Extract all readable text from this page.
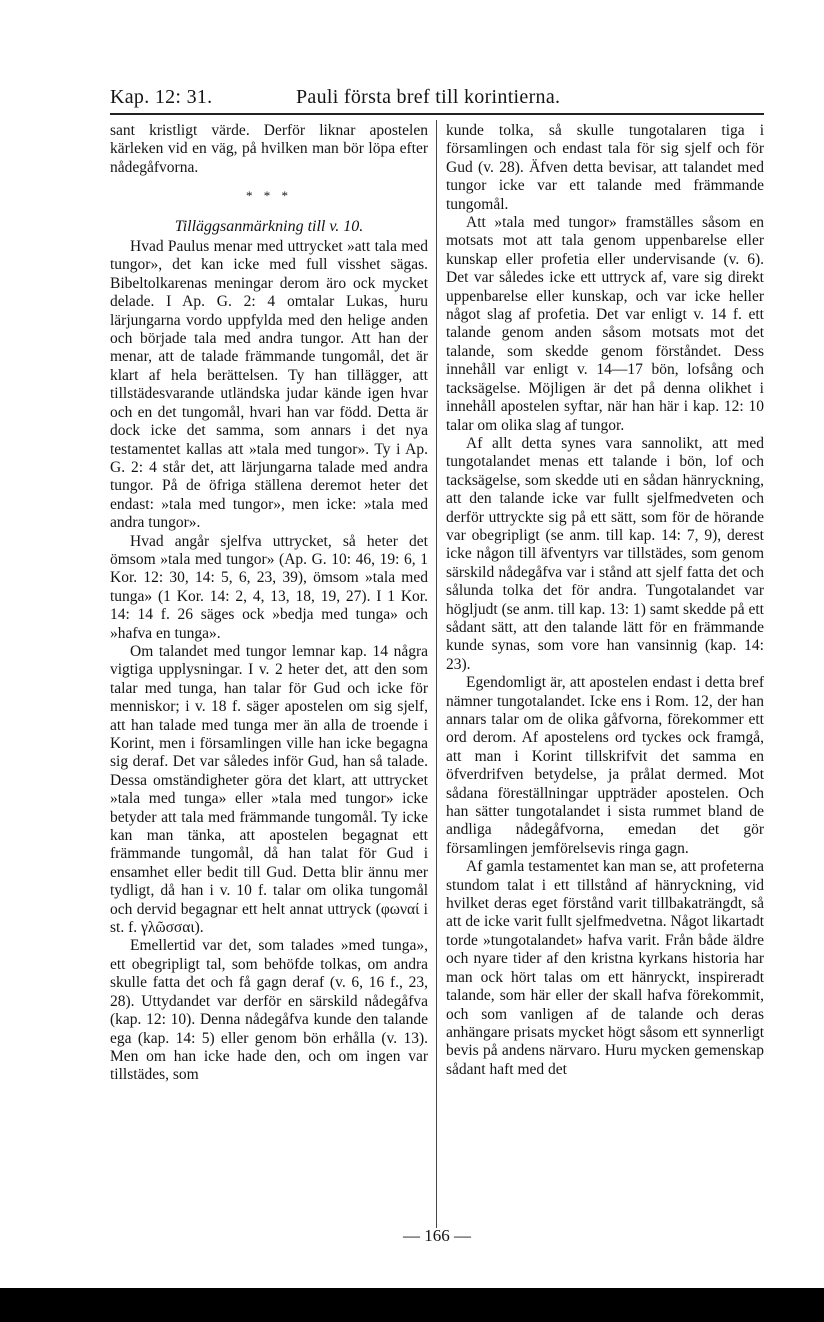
Kap. 12: 31.	Pauli första bref till korintierna.

sant kristligt värde. Derför liknar apostelen kärleken vid en väg, på hvilken man bör löpa efter nådegåfvorna.

* * *
Tilläggsanmärkning till v. 10.

Hvad Paulus menar med uttrycket »att tala med tungor», det kan icke med full visshet sägas. Bibeltolkarenas meningar derom äro ock mycket delade. I Ap. G. 2: 4 omtalar Lukas, huru lärjungarna vordo uppfylda med den helige anden och började tala med andra tungor. Att han der menar, att de talade främmande tungomål, det är klart af hela berättelsen. Ty han tillägger, att tillstädesvarande utländska judar kände igen hvar och en det tungomål, hvari han var född. Detta är dock icke det samma, som annars i det nya testamentet kallas att »tala med tungor». Ty i Ap. G. 2: 4 står det, att lärjungarna talade med andra tungor. På de öfriga ställena deremot heter det endast: »tala med tungor», men icke: »tala med andra tungor».

Hvad angår sjelfva uttrycket, så heter det ömsom »tala med tungor» (Ap. G. 10: 46, 19: 6, 1 Kor. 12: 30, 14: 5, 6, 23, 39), ömsom »tala med tunga» (1 Kor. 14: 2, 4, 13, 18, 19, 27). I 1 Kor. 14: 14 f. 26 säges ock »bedja med tunga» och »hafva en tunga».

Om talandet med tungor lemnar kap. 14 några vigtiga upplysningar. I v. 2 heter det, att den som talar med tunga, han talar för Gud och icke för menniskor; i v. 18 f. säger apostelen om sig sjelf, att han talade med tunga mer än alla de troende i Korint, men i församlingen ville han icke begagna sig deraf. Det var således inför Gud, han så talade. Dessa omständigheter göra det klart, att uttrycket »tala med tunga» eller »tala med tungor» icke betyder att tala med främmande tungomål. Ty icke kan man tänka, att apostelen begagnat ett främmande tungomål, då han talat för Gud i ensamhet eller bedit till Gud. Detta blir ännu mer tydligt, då han i v. 10 f. talar om olika tungomål och dervid begagnar ett helt annat uttryck (φωναί i st. f. γλῶσσαι).

Emellertid var det, som talades »med tunga», ett obegripligt tal, som behöfde tolkas, om andra skulle fatta det och få gagn deraf (v. 6, 16 f., 23, 28). Uttydandet var derför en särskild nådegåfva (kap. 12: 10). Denna nådegåfva kunde den talande ega (kap. 14: 5) eller genom bön erhålla (v. 13). Men om han icke hade den, och om ingen var tillstädes, som

kunde tolka, så skulle tungotalaren tiga i församlingen och endast tala för sig sjelf och för Gud (v. 28). Äfven detta bevisar, att talandet med tungor icke var ett talande med främmande tungomål.

Att »tala med tungor» framställes såsom en motsats mot att tala genom uppenbarelse eller kunskap eller profetia eller undervisande (v. 6). Det var således icke ett uttryck af, vare sig direkt uppenbarelse eller kunskap, och var icke heller något slag af profetia. Det var enligt v. 14 f. ett talande genom anden såsom motsats mot det talande, som skedde genom förståndet. Dess innehåll var enligt v. 14—17 bön, lofsång och tacksägelse. Möjligen är det på denna olikhet i innehåll apostelen syftar, när han här i kap. 12: 10 talar om olika slag af tungor.

Af allt detta synes vara sannolikt, att med tungotalandet menas ett talande i bön, lof och tacksägelse, som skedde uti en sådan hänryckning, att den talande icke var fullt sjelfmedveten och derför uttryckte sig på ett sätt, som för de hörande var obegripligt (se anm. till kap. 14: 7, 9), derest icke någon till äfventyrs var tillstädes, som genom särskild nådegåfva var i stånd att sjelf fatta det och sålunda tolka det för andra. Tungotalandet var högljudt (se anm. till kap. 13: 1) samt skedde på ett sådant sätt, att den talande lätt för en främmande kunde synas, som vore han vansinnig (kap. 14: 23).

Egendomligt är, att apostelen endast i detta bref nämner tungotalandet. Icke ens i Rom. 12, der han annars talar om de olika gåfvorna, förekommer ett ord derom. Af apostelens ord tyckes ock framgå, att man i Korint tillskrifvit det samma en öfverdrifven betydelse, ja prålat dermed. Mot sådana föreställningar uppträder apostelen. Och han sätter tungotalandet i sista rummet bland de andliga nådegåfvorna, emedan det gör församlingen jemförelsevis ringa gagn.

Af gamla testamentet kan man se, att profeterna stundom talat i ett tillstånd af hänryckning, vid hvilket deras eget förstånd varit tillbakaträngdt, så att de icke varit fullt sjelfmedvetna. Något likartadt torde »tungotalandet» hafva varit. Från både äldre och nyare tider af den kristna kyrkans historia har man ock hört talas om ett hänryckt, inspireradt talande, som här eller der skall hafva förekommit, och som vanligen af de talande och deras anhängare prisats mycket högt såsom ett synnerligt bevis på andens närvaro. Huru mycken gemenskap sådant haft med det

— 166 —
